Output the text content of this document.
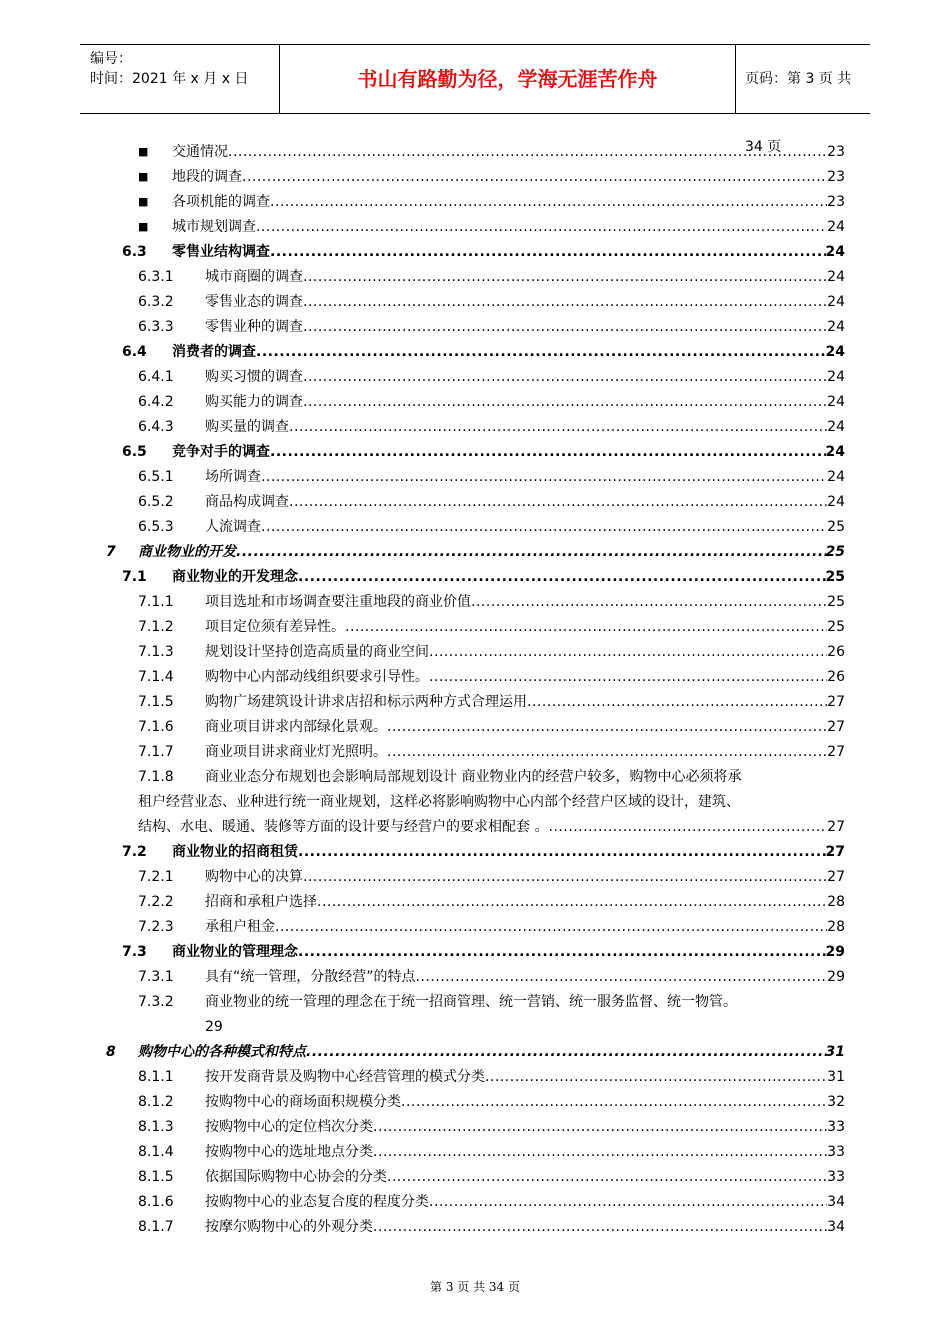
编号：
时间：2021 年 x 月 x 日	书山有路勤为径，学海无涯苦作舟	页码：第 3 页 共 34 页
■ 交通情况 .....	23
■ 地段的调查 .....	23
■ 各项机能的调查 .....	23
■ 城市规划调查 .....	24
6.3 零售业结构调查 .....	24
6.3.1 城市商圈的调查 .....	24
6.3.2 零售业态的调查 .....	24
6.3.3 零售业种的调查 .....	24
6.4 消费者的调查 .....	24
6.4.1 购买习惯的调查 .....	24
6.4.2 购买能力的调查 .....	24
6.4.3 购买量的调查 .....	24
6.5 竞争对手的调查 .....	24
6.5.1 场所调查 .....	24
6.5.2 商品构成调查 .....	24
6.5.3 人流调查 .....	25
7 商业物业的开发 .....	25
7.1 商业物业的开发理念 .....	25
7.1.1 项目选址和市场调查要注重地段的商业价值 .....	25
7.1.2 项目定位须有差异性。 .....	25
7.1.3 规划设计坚持创造高质量的商业空间 .....	26
7.1.4 购物中心内部动线组织要求引导性。 .....	26
7.1.5 购物广场建筑设计讲求店招和标示两种方式合理运用 .....	27
7.1.6 商业项目讲求内部绿化景观。 .....	27
7.1.7 商业项目讲求商业灯光照明。 .....	27
7.1.8 商业业态分布规划也会影响局部规划设计 商业物业内的经营户较多，购物中心必须将承
租户经营业态、业种进行统一商业规划，这样必将影响购物中心内部个经营户区域的设计，建筑、
结构、水电、暖通、装修等方面的设计要与经营户的要求相配套 。 .....	27
7.2 商业物业的招商租赁 .....	27
7.2.1 购物中心的决算 .....	27
7.2.2 招商和承租户选择 .....	28
7.2.3 承租户租金 .....	28
7.3 商业物业的管理理念 .....	29
7.3.1 具有“统一管理，分散经营”的特点 .....	29
7.3.2 商业物业的统一管理的理念在于统一招商管理、统一营销、统一服务监督、统一物管。
29
8 购物中心的各种模式和特点 .....	31
8.1.1 按开发商背景及购物中心经营管理的模式分类 .....	31
8.1.2 按购物中心的商场面积规模分类 .....	32
8.1.3 按购物中心的定位档次分类 .....	33
8.1.4 按购物中心的选址地点分类 .....	33
8.1.5 依据国际购物中心协会的分类 .....	33
8.1.6 按购物中心的业态复合度的程度分类 .....	34
8.1.7 按摩尔购物中心的外观分类 .....	34
第 3 页 共 34 页
